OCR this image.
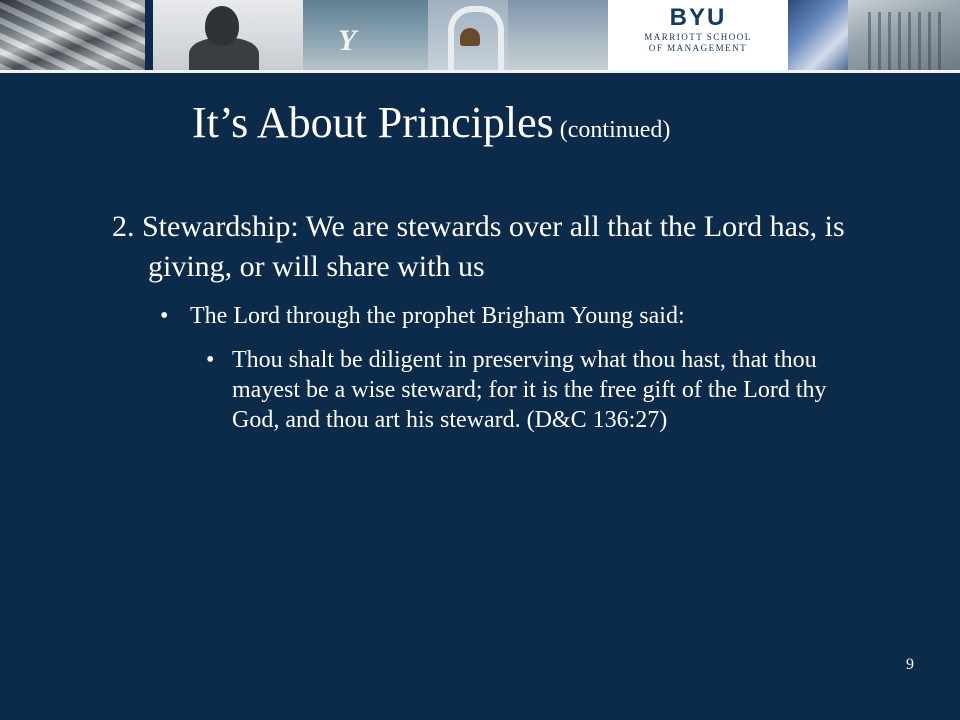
Y
BYU
MARRIOTT SCHOOL
OF MANAGEMENT
It’s About Principles (continued)
2. Stewardship: We are stewards over all that the Lord has, is giving, or will share with us
• The Lord through the prophet Brigham Young said:
• Thou shalt be diligent in preserving what thou hast, that thou mayest be a wise steward; for it is the free gift of the Lord thy God, and thou art his steward. (D&C 136:27)
9
